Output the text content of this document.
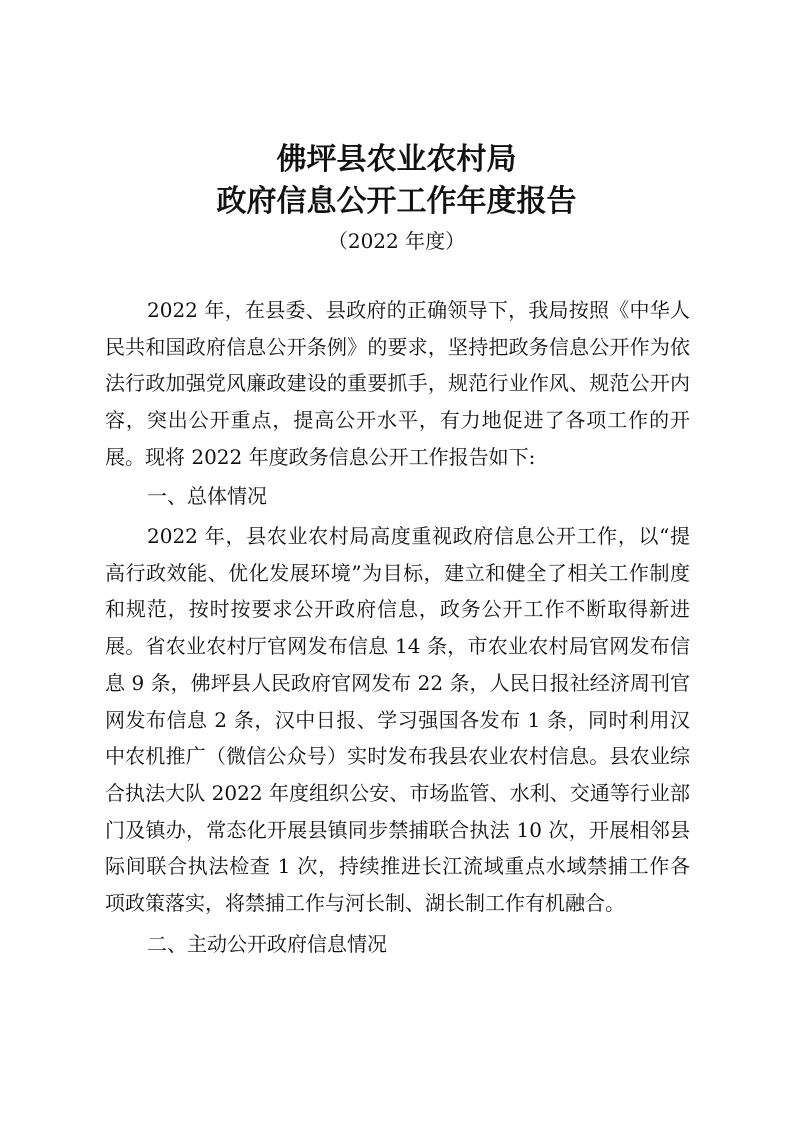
佛坪县农业农村局
政府信息公开工作年度报告
（2022 年度）

2022 年，在县委、县政府的正确领导下，我局按照《中华人民共和国政府信息公开条例》的要求，坚持把政务信息公开作为依法行政加强党风廉政建设的重要抓手，规范行业作风、规范公开内容，突出公开重点，提高公开水平，有力地促进了各项工作的开展。现将 2022 年度政务信息公开工作报告如下:

一、总体情况

2022 年，县农业农村局高度重视政府信息公开工作，以“提高行政效能、优化发展环境”为目标，建立和健全了相关工作制度和规范，按时按要求公开政府信息，政务公开工作不断取得新进展。省农业农村厅官网发布信息 14 条，市农业农村局官网发布信息 9 条，佛坪县人民政府官网发布 22 条，人民日报社经济周刊官网发布信息 2 条，汉中日报、学习强国各发布 1 条，同时利用汉中农机推广（微信公众号）实时发布我县农业农村信息。县农业综合执法大队 2022 年度组织公安、市场监管、水利、交通等行业部门及镇办，常态化开展县镇同步禁捕联合执法 10 次，开展相邻县际间联合执法检查 1 次，持续推进长江流域重点水域禁捕工作各项政策落实，将禁捕工作与河长制、湖长制工作有机融合。

二、主动公开政府信息情况
